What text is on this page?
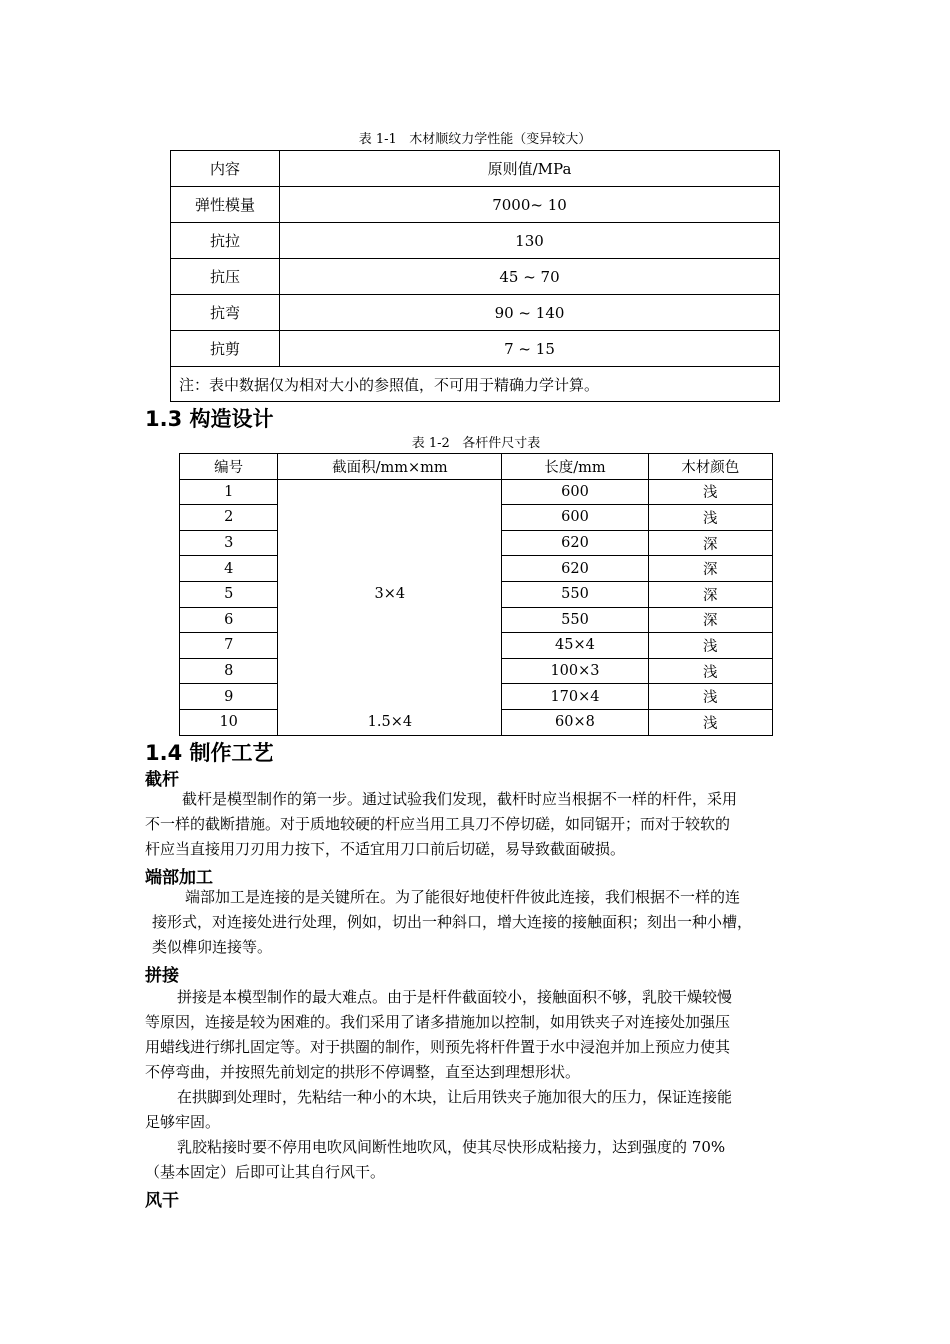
表 1-1   木材顺纹力学性能（变异较大）
内容	原则值/MPa
弹性模量	7000~ 10
抗拉	130
抗压	45 ~ 70
抗弯	90 ~ 140
抗剪	7 ~ 15
注：表中数据仅为相对大小的参照值，不可用于精确力学计算。	
1.3 构造设计
表 1-2   各杆件尺寸表
编号	截面积/mm×mm	长度/mm	木材颜色
1		600	浅
2		600	浅
3		620	深
4		620	深
5	3×4	550	深
6		550	深
7		45×4	浅
8		100×3	浅
9		170×4	浅
10	1.5×4	60×8	浅
1.4 制作工艺
截杆
截杆是模型制作的第一步。通过试验我们发现，截杆时应当根据不一样的杆件，采用
不一样的截断措施。对于质地较硬的杆应当用工具刀不停切磋，如同锯开；而对于较软的
杆应当直接用刀刃用力按下，不适宜用刀口前后切磋，易导致截面破损。
端部加工
端部加工是连接的是关键所在。为了能很好地使杆件彼此连接，我们根据不一样的连
接形式，对连接处进行处理，例如，切出一种斜口，增大连接的接触面积；刻出一种小槽，
类似榫卯连接等。
拼接
拼接是本模型制作的最大难点。由于是杆件截面较小，接触面积不够，乳胶干燥较慢
等原因，连接是较为困难的。我们采用了诸多措施加以控制，如用铁夹子对连接处加强压
用蜡线进行绑扎固定等。对于拱圈的制作，则预先将杆件置于水中浸泡并加上预应力使其
不停弯曲，并按照先前划定的拱形不停调整，直至达到理想形状。
在拱脚到处理时，先粘结一种小的木块，让后用铁夹子施加很大的压力，保证连接能
足够牢固。
乳胶粘接时要不停用电吹风间断性地吹风，使其尽快形成粘接力，达到强度的 70%
（基本固定）后即可让其自行风干。
风干
